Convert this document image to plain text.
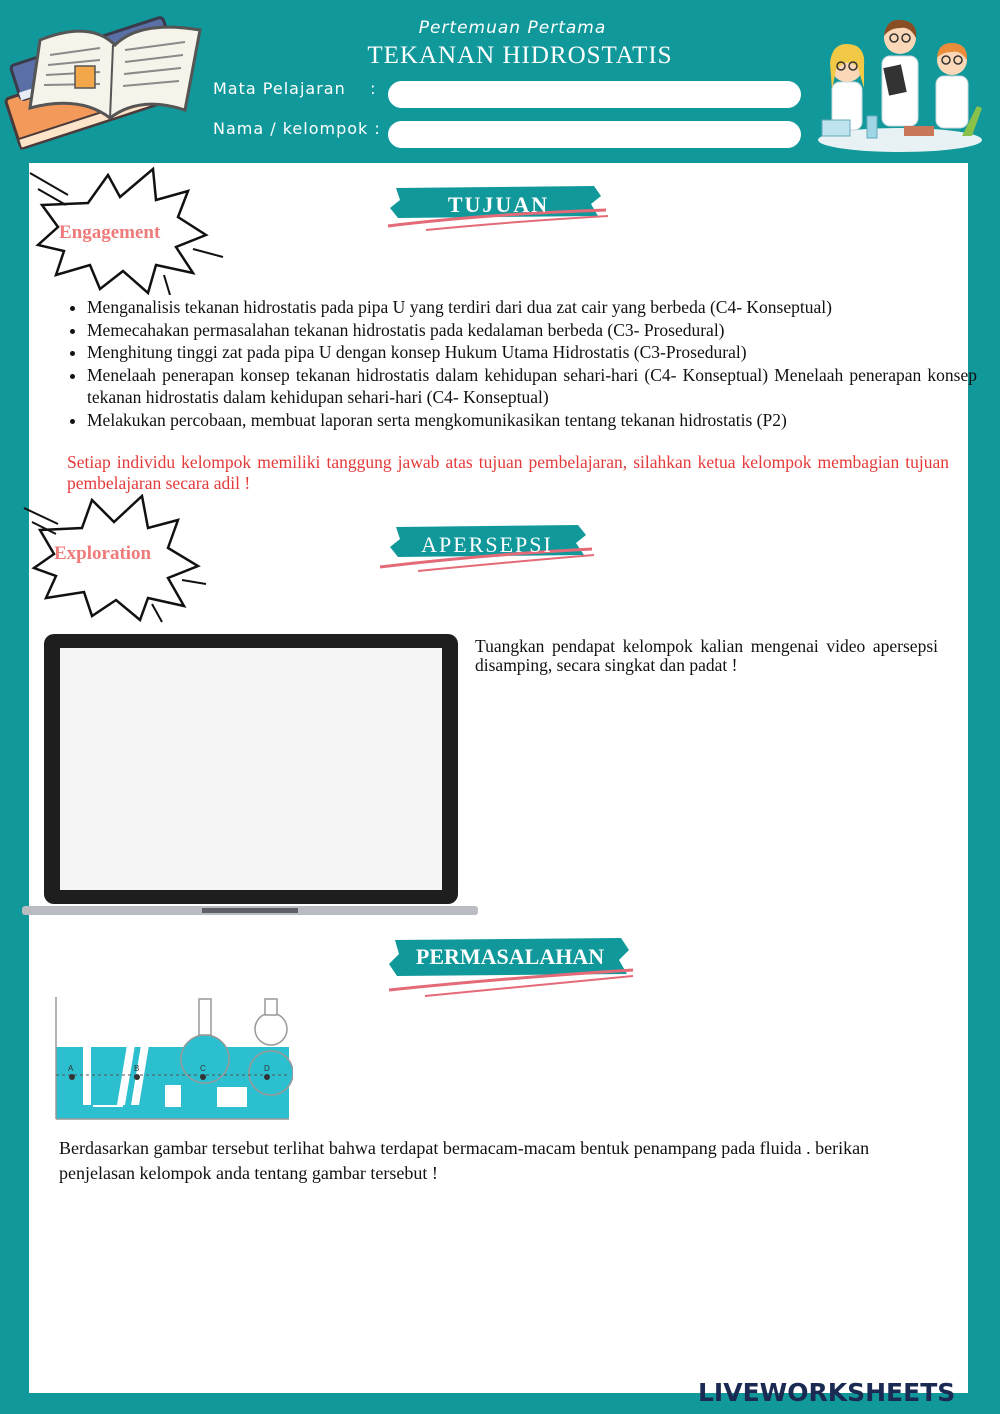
Pertemuan Pertama
TEKANAN HIDROSTATIS
Mata Pelajaran    :
Nama / kelompok :
Engagement
TUJUAN
• Menganalisis tekanan hidrostatis pada pipa U yang terdiri dari dua zat cair yang berbeda (C4- Konseptual)
• Memecahakan permasalahan tekanan hidrostatis pada kedalaman berbeda (C3- Prosedural)
• Menghitung tinggi zat pada pipa U dengan konsep Hukum Utama Hidrostatis (C3-Prosedural)
• Menelaah penerapan konsep tekanan hidrostatis dalam kehidupan sehari-hari (C4- Konseptual) Menelaah penerapan konsep tekanan hidrostatis dalam kehidupan sehari-hari (C4- Konseptual)
• Melakukan percobaan, membuat laporan serta mengkomunikasikan tentang tekanan hidrostatis (P2)
Setiap individu kelompok memiliki tanggung jawab atas tujuan pembelajaran, silahkan ketua kelompok membagian tujuan pembelajaran secara adil !
Exploration	APERSEPSI
Tuangkan pendapat kelompok kalian mengenai video apersepsi disamping, secara singkat dan padat !
PERMASALAHAN
A	B	C	D
Berdasarkan gambar tersebut terlihat bahwa terdapat bermacam-macam bentuk penampang pada fluida . berikan penjelasan kelompok anda tentang gambar tersebut !
LIVEWORKSHEETS
